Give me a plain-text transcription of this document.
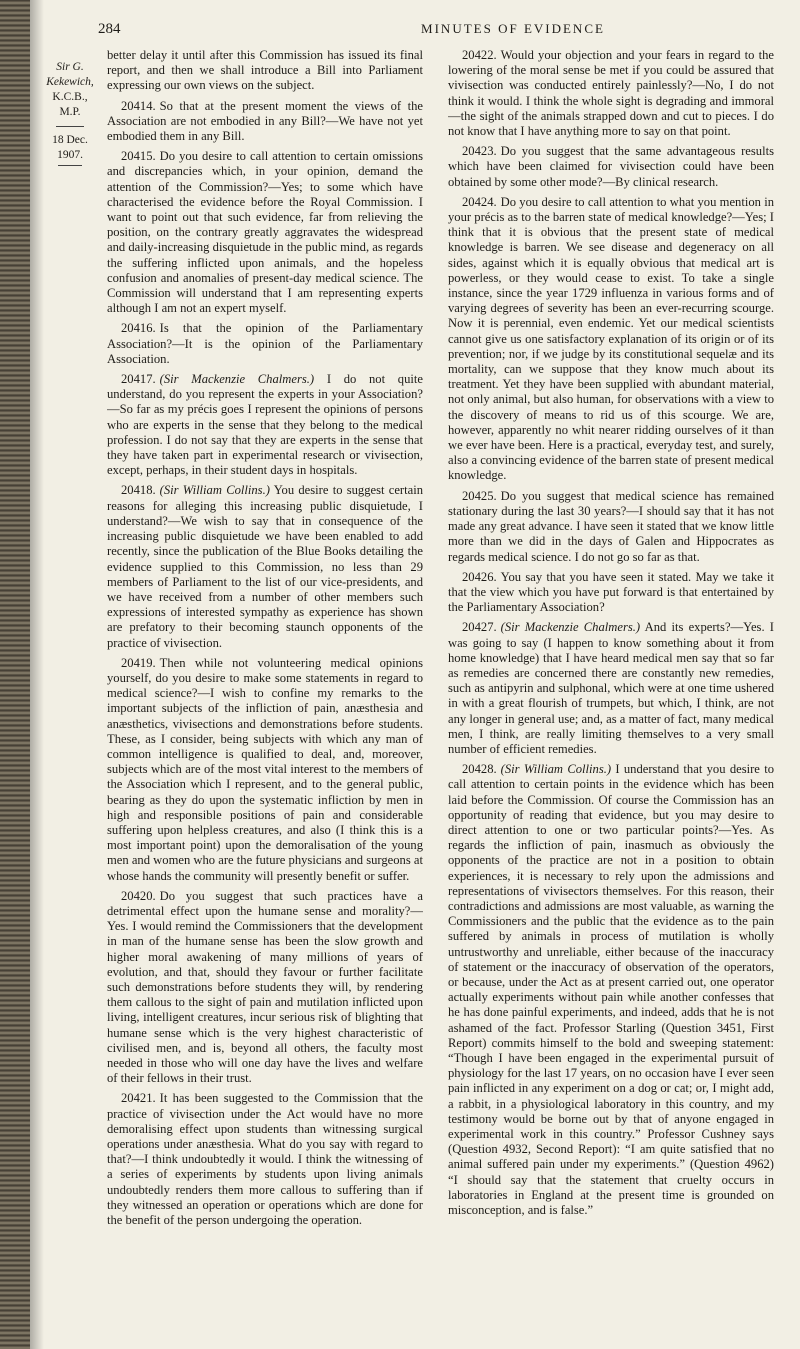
284	MINUTES OF EVIDENCE
Sir G.
Kekewich,
K.C.B., M.P.
18 Dec. 1907.

better delay it until after this Commission has issued its final report, and then we shall introduce a Bill into Parliament expressing our own views on the subject.

20414. So that at the present moment the views of the Association are not embodied in any Bill?—We have not yet embodied them in any Bill.

20415. Do you desire to call attention to certain omissions and discrepancies which, in your opinion, demand the attention of the Commission?—Yes; to some which have characterised the evidence before the Royal Commission. I want to point out that such evidence, far from relieving the position, on the contrary greatly aggravates the widespread and daily-increasing disquietude in the public mind, as regards the suffering inflicted upon animals, and the hopeless confusion and anomalies of present-day medical science. The Commission will understand that I am representing experts although I am not an expert myself.

20416. Is that the opinion of the Parliamentary Association?—It is the opinion of the Parliamentary Association.

20417. (Sir Mackenzie Chalmers.) I do not quite understand, do you represent the experts in your Association?—So far as my précis goes I represent the opinions of persons who are experts in the sense that they belong to the medical profession. I do not say that they are experts in the sense that they have taken part in experimental research or vivisection, except, perhaps, in their student days in hospitals.

20418. (Sir William Collins.) You desire to suggest certain reasons for alleging this increasing public disquietude, I understand?—We wish to say that in consequence of the increasing public disquietude we have been enabled to add recently, since the publication of the Blue Books detailing the evidence supplied to this Commission, no less than 29 members of Parliament to the list of our vice-presidents, and we have received from a number of other members such expressions of interested sympathy as experience has shown are prefatory to their becoming staunch opponents of the practice of vivisection.

20419. Then while not volunteering medical opinions yourself, do you desire to make some statements in regard to medical science?—I wish to confine my remarks to the important subjects of the infliction of pain, anæsthesia and anæsthetics, vivisections and demonstrations before students. These, as I consider, being subjects with which any man of common intelligence is qualified to deal, and, moreover, subjects which are of the most vital interest to the members of the Association which I represent, and to the general public, bearing as they do upon the systematic infliction by men in high and responsible positions of pain and considerable suffering upon helpless creatures, and also (I think this is a most important point) upon the demoralisation of the young men and women who are the future physicians and surgeons at whose hands the community will presently benefit or suffer.

20420. Do you suggest that such practices have a detrimental effect upon the humane sense and morality?—Yes. I would remind the Commissioners that the development in man of the humane sense has been the slow growth and higher moral awakening of many millions of years of evolution, and that, should they favour or further facilitate such demonstrations before students they will, by rendering them callous to the sight of pain and mutilation inflicted upon living, intelligent creatures, incur serious risk of blighting that humane sense which is the very highest characteristic of civilised men, and is, beyond all others, the faculty most needed in those who will one day have the lives and welfare of their fellows in their trust.

20421. It has been suggested to the Commission that the practice of vivisection under the Act would have no more demoralising effect upon students than witnessing surgical operations under anæsthesia. What do you say with regard to that?—I think undoubtedly it would. I think the witnessing of a series of experiments by students upon living animals undoubtedly renders them more callous to suffering than if they witnessed an operation or operations which are done for the benefit of the person undergoing the operation.

20422. Would your objection and your fears in regard to the lowering of the moral sense be met if you could be assured that vivisection was conducted entirely painlessly?—No, I do not think it would. I think the whole sight is degrading and immoral—the sight of the animals strapped down and cut to pieces. I do not know that I have anything more to say on that point.

20423. Do you suggest that the same advantageous results which have been claimed for vivisection could have been obtained by some other mode?—By clinical research.

20424. Do you desire to call attention to what you mention in your précis as to the barren state of medical knowledge?—Yes; I think that it is obvious that the present state of medical knowledge is barren. We see disease and degeneracy on all sides, against which it is equally obvious that medical art is powerless, or they would cease to exist. To take a single instance, since the year 1729 influenza in various forms and of varying degrees of severity has been an ever-recurring scourge. Now it is perennial, even endemic. Yet our medical scientists cannot give us one satisfactory explanation of its origin or of its prevention; nor, if we judge by its constitutional sequelæ and its mortality, can we suppose that they know much about its treatment. Yet they have been supplied with abundant material, not only animal, but also human, for observations with a view to the discovery of means to rid us of this scourge. We are, however, apparently no whit nearer ridding ourselves of it than we ever have been. Here is a practical, everyday test, and surely, also a convincing evidence of the barren state of present medical knowledge.

20425. Do you suggest that medical science has remained stationary during the last 30 years?—I should say that it has not made any great advance. I have seen it stated that we know little more than we did in the days of Galen and Hippocrates as regards medical science. I do not go so far as that.

20426. You say that you have seen it stated. May we take it that the view which you have put forward is that entertained by the Parliamentary Association?

20427. (Sir Mackenzie Chalmers.) And its experts?—Yes. I was going to say (I happen to know something about it from home knowledge) that I have heard medical men say that so far as remedies are concerned there are constantly new remedies, such as antipyrin and sulphonal, which were at one time ushered in with a great flourish of trumpets, but which, I think, are not any longer in general use; and, as a matter of fact, many medical men, I think, are really limiting themselves to a very small number of efficient remedies.

20428. (Sir William Collins.) I understand that you desire to call attention to certain points in the evidence which has been laid before the Commission. Of course the Commission has an opportunity of reading that evidence, but you may desire to direct attention to one or two particular points?—Yes. As regards the infliction of pain, inasmuch as obviously the opponents of the practice are not in a position to obtain experiences, it is necessary to rely upon the admissions and representations of vivisectors themselves. For this reason, their contradictions and admissions are most valuable, as warning the Commissioners and the public that the evidence as to the pain suffered by animals in process of mutilation is wholly untrustworthy and unreliable, either because of the inaccuracy of statement or the inaccuracy of observation of the operators, or because, under the Act as at present carried out, one operator actually experiments without pain while another confesses that he has done painful experiments, and indeed, adds that he is not ashamed of the fact. Professor Starling (Question 3451, First Report) commits himself to the bold and sweeping statement: “Though I have been engaged in the experimental pursuit of physiology for the last 17 years, on no occasion have I ever seen pain inflicted in any experiment on a dog or cat; or, I might add, a rabbit, in a physiological laboratory in this country, and my testimony would be borne out by that of anyone engaged in experimental work in this country.” Professor Cushney says (Question 4932, Second Report): “I am quite satisfied that no animal suffered pain under my experiments.” (Question 4962) “I should say that the statement that cruelty occurs in laboratories in England at the present time is grounded on misconception, and is false.”
